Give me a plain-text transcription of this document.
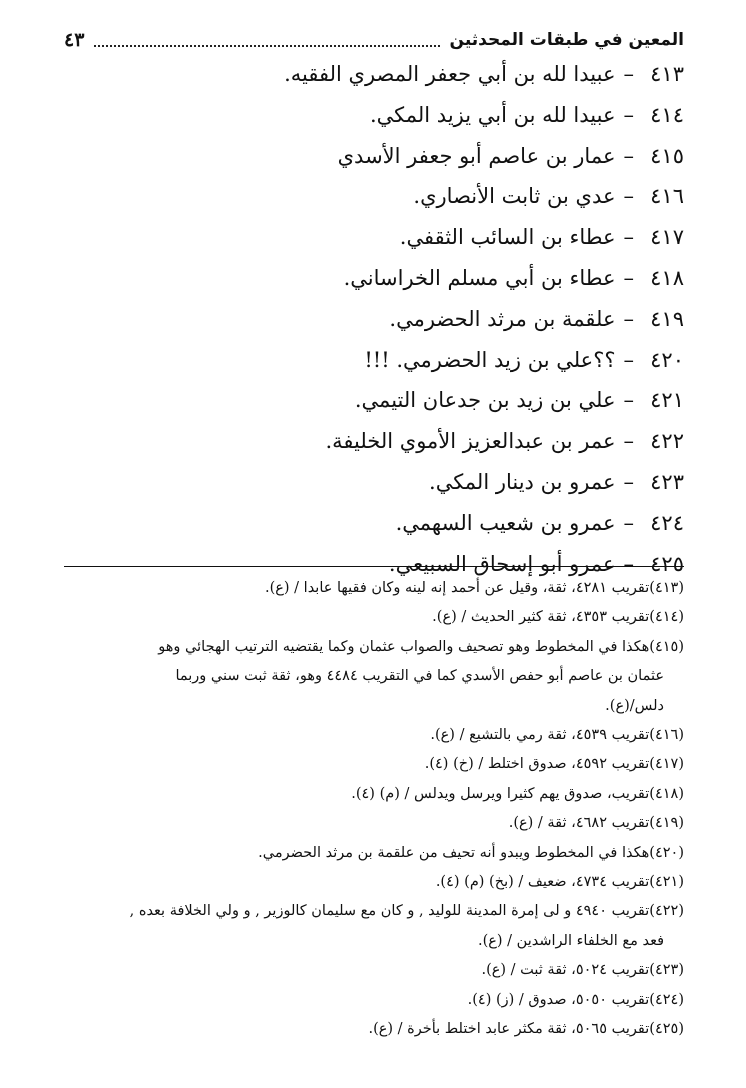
المعين في طبقات المحدثين
٤٣
٤١٣
–
عبيدا لله بن أبي جعفر المصري الفقيه.
٤١٤
–
عبيدا لله بن أبي يزيد المكي.
٤١٥
–
عمار بن عاصم أبو جعفر الأسدي
٤١٦
–
عدي بن ثابت الأنصاري.
٤١٧
–
عطاء بن السائب الثقفي.
٤١٨
–
عطاء بن أبي مسلم الخراساني.
٤١٩
–
علقمة بن مرثد الحضرمي.
٤٢٠
–
؟؟علي بن زيد الحضرمي. !!!
٤٢١
–
علي بن زيد بن جدعان التيمي.
٤٢٢
–
عمر بن عبدالعزيز الأموي الخليفة.
٤٢٣
–
عمرو بن دينار المكي.
٤٢٤
–
عمرو بن شعيب السهمي.
٤٢٥
–
عمرو أبو إسحاق السبيعي.
(٤١٣)تقريب ٤٢٨١، ثقة، وقيل عن أحمد إنه لينه وكان فقيها عابدا / (ع).
(٤١٤)تقريب ٤٣٥٣، ثقة كثير الحديث / (ع).
(٤١٥)هكذا في المخطوط وهو تصحيف والصواب عثمان وكما يقتضيه الترتيب الهجائي وهو
عثمان بن عاصم أبو حفص الأسدي كما في التقريب ٤٤٨٤ وهو، ثقة ثبت سني وربما
دلس/(ع).
(٤١٦)تقريب ٤٥٣٩، ثقة رمي بالتشيع / (ع).
(٤١٧)تقريب ٤٥٩٢، صدوق اختلط / (خ) (٤).
(٤١٨)تقريب، صدوق يهم كثيرا ويرسل ويدلس / (م) (٤).
(٤١٩)تقريب ٤٦٨٢، ثقة / (ع).
(٤٢٠)هكذا في المخطوط ويبدو أنه تحيف من علقمة بن مرثد الحضرمي.
(٤٢١)تقريب ٤٧٣٤، ضعيف / (بخ) (م) (٤).
(٤٢٢)تقريب ٤٩٤٠ و لى إمرة المدينة للوليد , و كان مع سليمان كالوزير , و ولي الخلافة بعده ,
فعد مع الخلفاء الراشدين / (ع).
(٤٢٣)تقريب ٥٠٢٤، ثقة ثبت / (ع).
(٤٢٤)تقريب ٥٠٥٠، صدوق / (ز) (٤).
(٤٢٥)تقريب ٥٠٦٥، ثقة مكثر عابد اختلط بأخرة / (ع).
